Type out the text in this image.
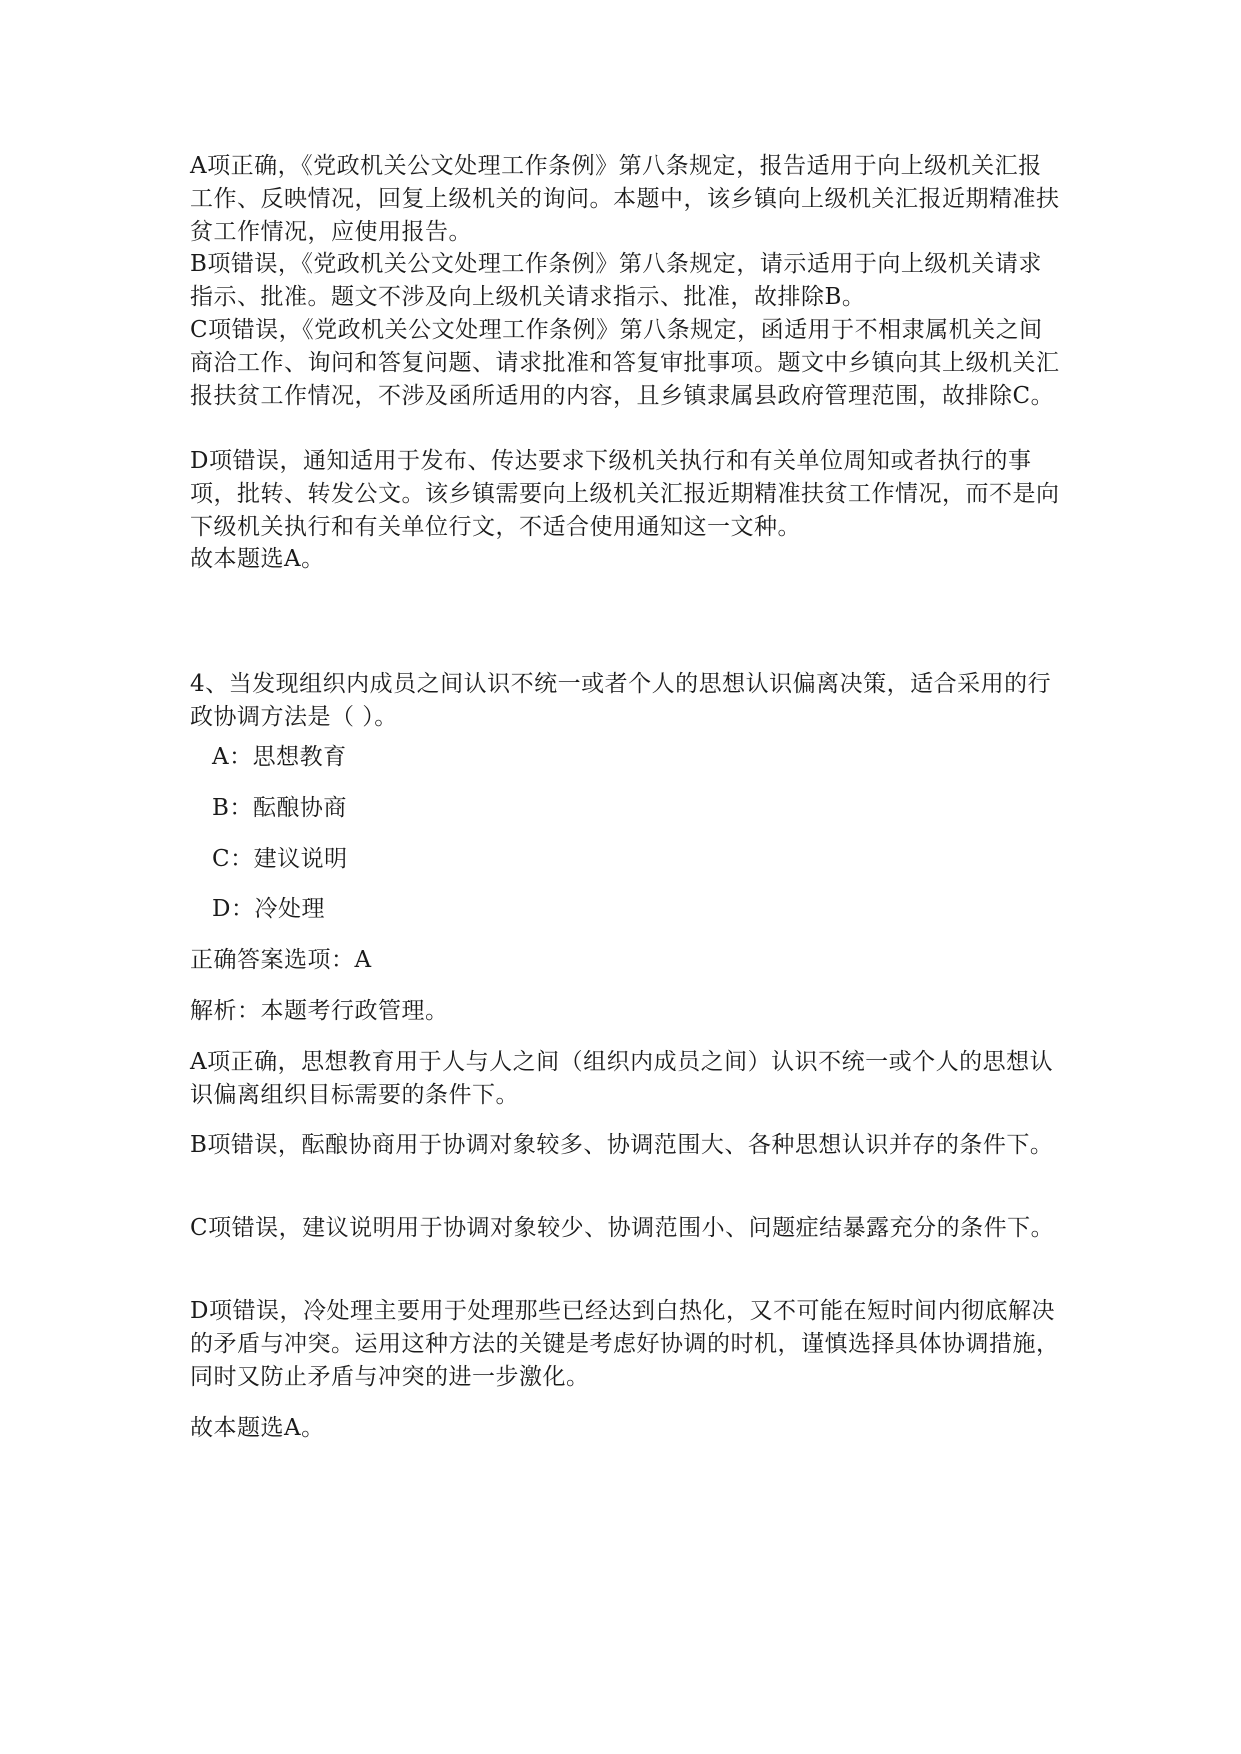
A项正确，《党政机关公文处理工作条例》第八条规定，报告适用于向上级机关汇报工作、反映情况，回复上级机关的询问。本题中，该乡镇向上级机关汇报近期精准扶贫工作情况，应使用报告。

B项错误，《党政机关公文处理工作条例》第八条规定，请示适用于向上级机关请求指示、批准。题文不涉及向上级机关请求指示、批准，故排除B。

C项错误，《党政机关公文处理工作条例》第八条规定，函适用于不相隶属机关之间商洽工作、询问和答复问题、请求批准和答复审批事项。题文中乡镇向其上级机关汇报扶贫工作情况，不涉及函所适用的内容，且乡镇隶属县政府管理范围，故排除C。

D项错误，通知适用于发布、传达要求下级机关执行和有关单位周知或者执行的事项，批转、转发公文。该乡镇需要向上级机关汇报近期精准扶贫工作情况，而不是向下级机关执行和有关单位行文，不适合使用通知这一文种。

故本题选A。

4、当发现组织内成员之间认识不统一或者个人的思想认识偏离决策，适合采用的行政协调方法是（ ）。

A：思想教育

B：酝酿协商

C：建议说明

D：冷处理

正确答案选项：A

解析：本题考行政管理。

A项正确，思想教育用于人与人之间（组织内成员之间）认识不统一或个人的思想认识偏离组织目标需要的条件下。

B项错误，酝酿协商用于协调对象较多、协调范围大、各种思想认识并存的条件下。

C项错误，建议说明用于协调对象较少、协调范围小、问题症结暴露充分的条件下。

D项错误，冷处理主要用于处理那些已经达到白热化，又不可能在短时间内彻底解决的矛盾与冲突。运用这种方法的关键是考虑好协调的时机，谨慎选择具体协调措施，同时又防止矛盾与冲突的进一步激化。

故本题选A。
